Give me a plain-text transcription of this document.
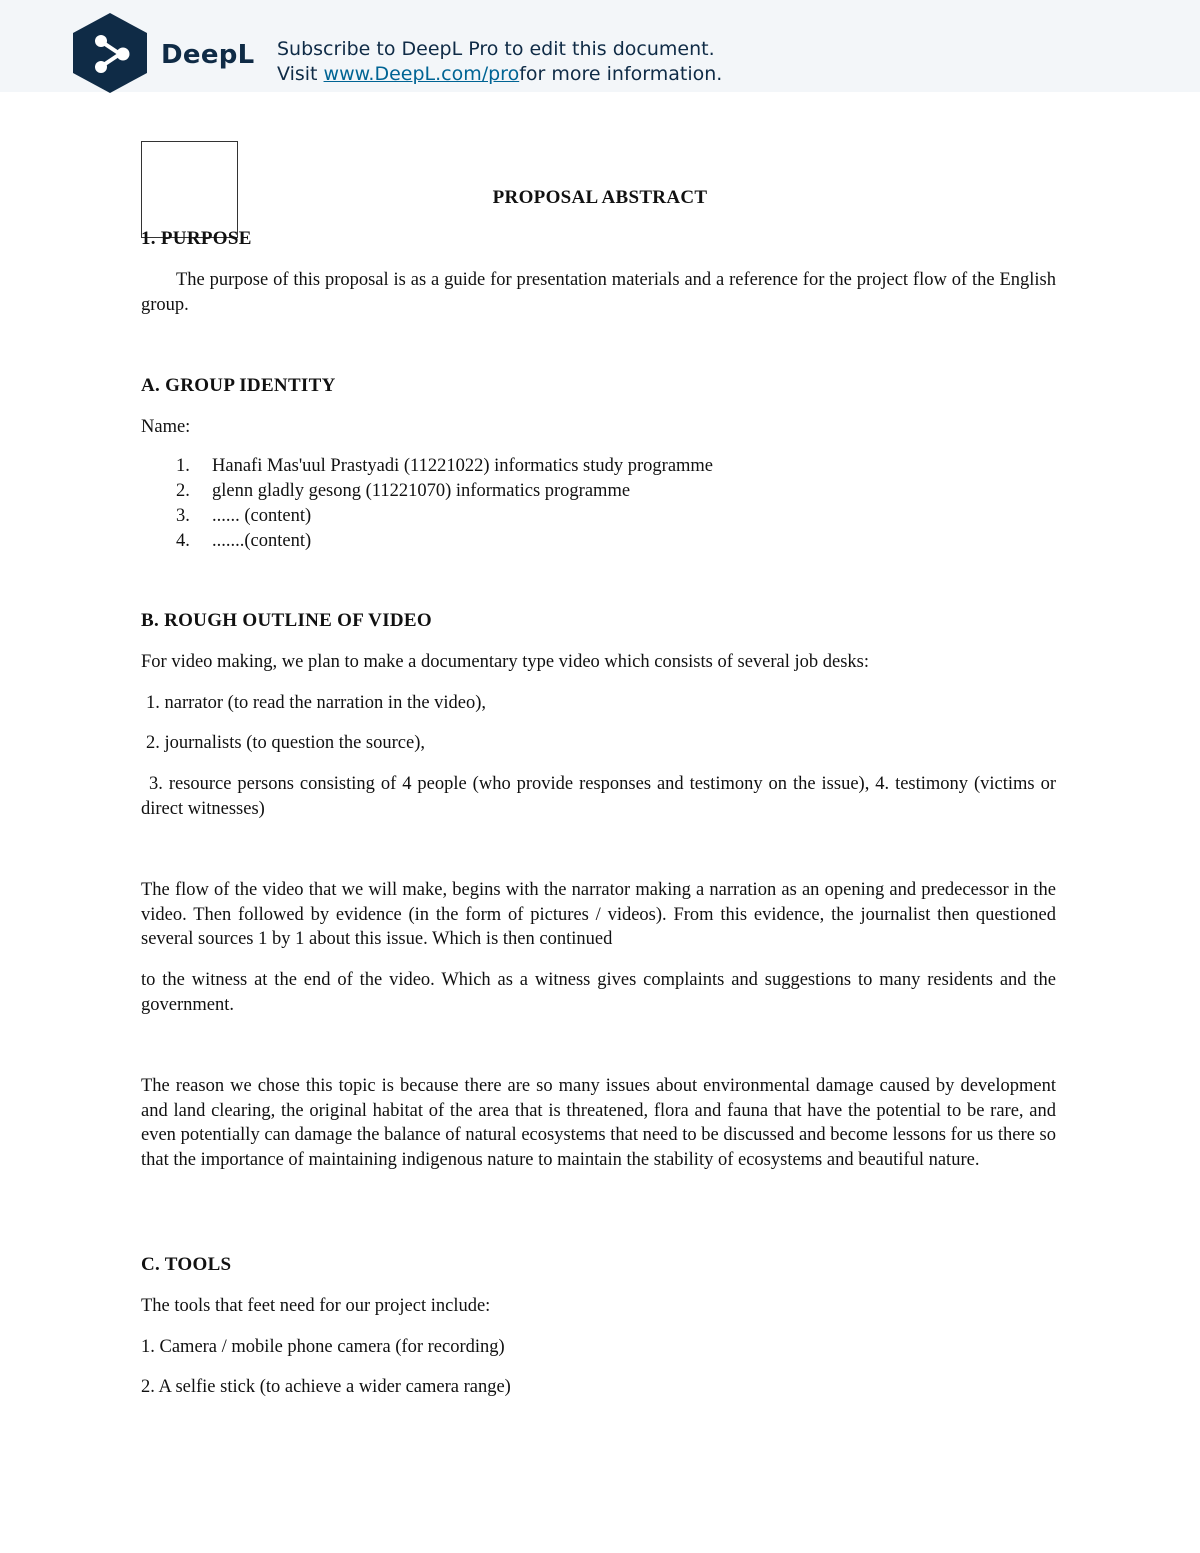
DeepL Subscribe to DeepL Pro to edit this document.
Visit www.DeepL.com/profor more information.
PROPOSAL ABSTRACT
1. PURPOSE
The purpose of this proposal is as a guide for presentation materials and a reference for the project flow of the English group.
A. GROUP IDENTITY
Name:
1. Hanafi Mas'uul Prastyadi (11221022) informatics study programme
2. glenn gladly gesong (11221070) informatics programme
3. ...... (content)
4. .......(content)
B. ROUGH OUTLINE OF VIDEO
For video making, we plan to make a documentary type video which consists of several job desks:
1. narrator (to read the narration in the video),
2. journalists (to question the source),
3. resource persons consisting of 4 people (who provide responses and testimony on the issue), 4. testimony (victims or direct witnesses)
The flow of the video that we will make, begins with the narrator making a narration as an opening and predecessor in the video. Then followed by evidence (in the form of pictures / videos). From this evidence, the journalist then questioned several sources 1 by 1 about this issue. Which is then continued
to the witness at the end of the video. Which as a witness gives complaints and suggestions to many residents and the government.
The reason we chose this topic is because there are so many issues about environmental damage caused by development and land clearing, the original habitat of the area that is threatened, flora and fauna that have the potential to be rare, and even potentially can damage the balance of natural ecosystems that need to be discussed and become lessons for us there so that the importance of maintaining indigenous nature to maintain the stability of ecosystems and beautiful nature.
C. TOOLS
The tools that feet need for our project include:
1. Camera / mobile phone camera (for recording)
2. A selfie stick (to achieve a wider camera range)
